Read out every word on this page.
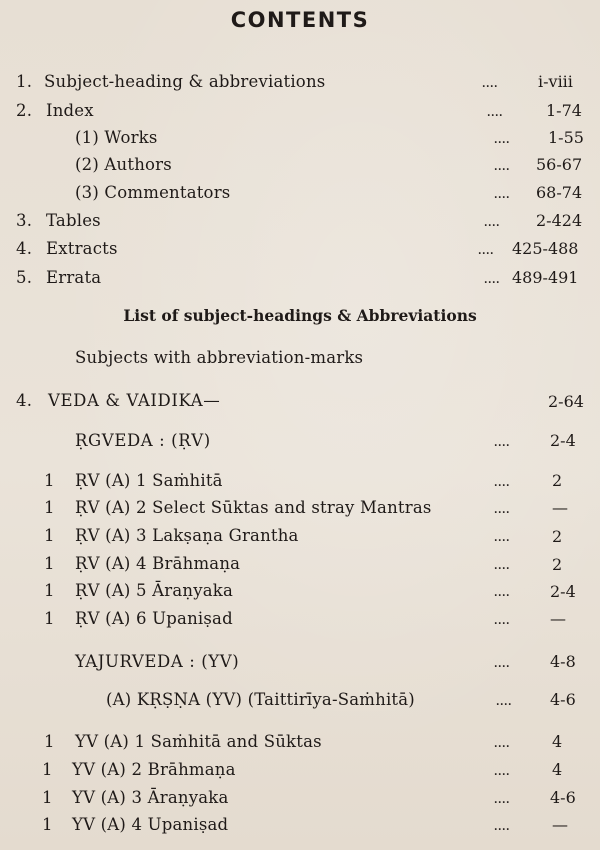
CONTENTS
1. Subject-heading & abbreviations	....	i-viii
2. Index	....	1-74
(1) Works	.... 1-55
(2) Authors	.... 56-67
(3) Commentators	.... 68-74
3. Tables	.... 2-424
4. Extracts	.... 425-488
5. Errata	.... 489-491
List of subject-headings & Abbreviations
Subjects with abbreviation-marks
4. VEDA & VAIDIKA—	2-64
ṚGVEDA : (ṚV)	....	2-4
1 ṚV (A) 1 Saṁhitā	....	2
1 ṚV (A) 2 Select Sūktas and stray Mantras	....	—
1 ṚV (A) 3 Lakṣaṇa Grantha	....	2
1 ṚV (A) 4 Brāhmaṇa	....	2
1 ṚV (A) 5 Āraṇyaka	....	2-4
1 ṚV (A) 6 Upaniṣad	....	—
YAJURVEDA : (YV)	....	4-8
(A) KṚṢṆA (YV) (Taittirīya-Saṁhitā)	.... 4-6
1 YV (A) 1 Saṁhitā and Sūktas	....	4
1 YV (A) 2 Brāhmaṇa	....	4
1 YV (A) 3 Āraṇyaka	....	4-6
1 YV (A) 4 Upaniṣad	....	—
